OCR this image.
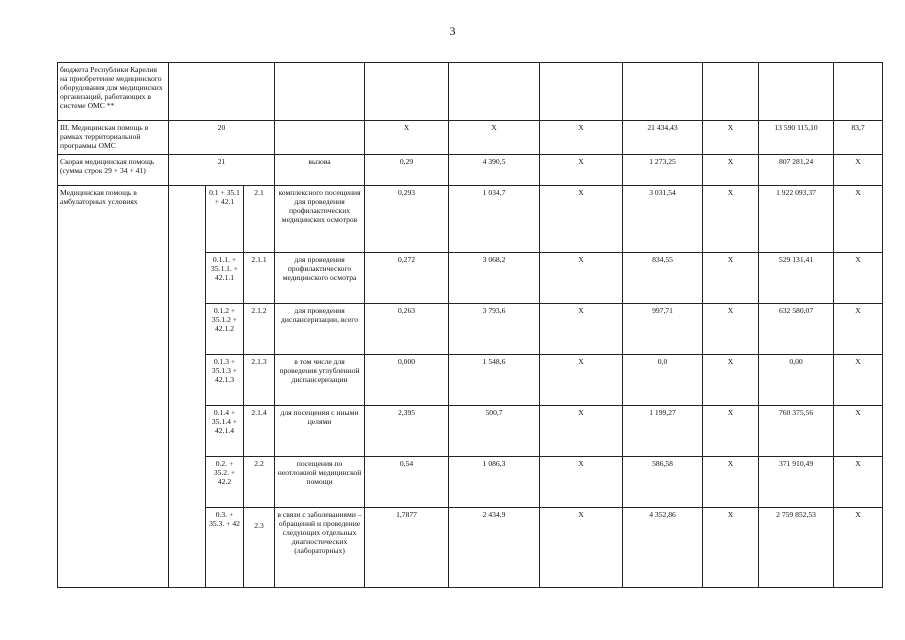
3
бюджета Республики Карелия на приобретение медицинского оборудования для медицинских организаций, работающих в системе ОМС **											
III. Медицинская помощь в рамках территориальной программы ОМС	20				X	X	X	21 434,43	X	13 590 115,10	83,7
Скорая медицинская помощь (сумма строк 29 + 34 + 41)	21			вызова	0,29	4 390,5	X	1 273,25	X	807 281,24	X
Медицинская помощь в амбулаторных условиях		0.1 + 35.1 + 42.1	2.1	комплексного посещения для проведения профилактических медицинских осмотров	0,293	1 034,7	X	3 031,54	X	1 922 093,37	X
		0.1.1. + 35.1.1. + 42.1.1	2.1.1	для проведения профилактического медицинского осмотра	0,272	3 068,2	X	834,55	X	529 131,41	X
		0.1.2 + 35.1.2 + 42.1.2	2.1.2	для проведения диспансеризации, всего	0,263	3 793,6	X	997,71	X	632 580,07	X
		0.1.3 + 35.1.3 + 42.1.3	2.1.3	в том числе для проведения углубленной диспансеризации	0,000	1 548,6	X	0,0	X	0,00	X
		0.1.4 + 35.1.4 + 42.1.4	2.1.4	для посещения с иными целями	2,395	500,7	X	1 199,27	X	760 375,56	X
		0.2. + 35.2. + 42.2	2.2	посещения по неотложной медицинской помощи	0,54	1 086,3	X	586,58	X	371 910,49	X
		0.3. + 35.3. + 42	2.3	в связи с заболеваниями – обращений и проведение следующих отдельных диагностических (лабораторных)	1,7877	2 434,9	X	4 352,86	X	2 759 852,53	X
